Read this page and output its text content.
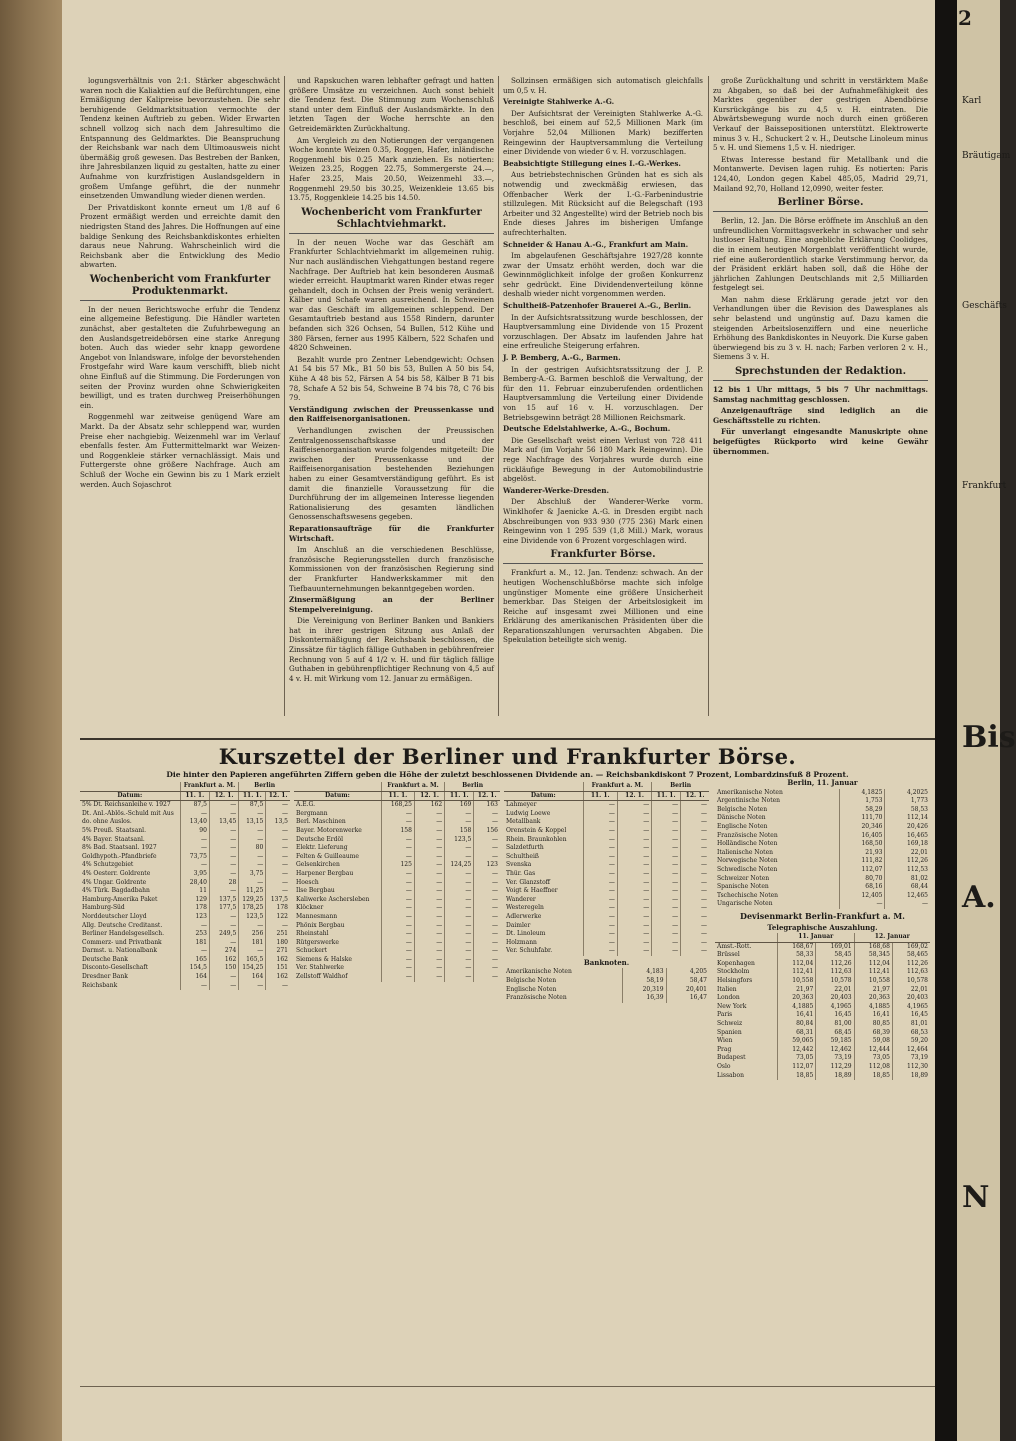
2
Karl
Bräutigam
Geschäfts
Frankfurt
Bis
A.
N

logungsverhältnis von 2:1. Stärker abgeschwächt waren noch die Kaliaktien auf die Befürchtungen, eine Ermäßigung der Kalipreise bevorzustehen. Die sehr beruhigende Geldmarktsituation vermochte der Tendenz keinen Auftrieb zu geben. Wider Erwarten schnell vollzog sich nach dem Jahresultimo die Entspannung des Geldmarktes. Die Beanspruchung der Reichsbank war nach dem Ultimoausweis nicht übermäßig groß gewesen. Das Bestreben der Banken, ihre Jahresbilanzen liquid zu gestalten, hatte zu einer Aufnahme von kurzfristigen Auslandsgeldern in großem Umfange geführt, die der nunmehr einsetzenden Umwandlung wieder dienen werden.

Der Privatdiskont konnte erneut um 1/8 auf 6 Prozent ermäßigt werden und erreichte damit den niedrigsten Stand des Jahres. Die Hoffnungen auf eine baldige Senkung des Reichsbankdiskontes erhielten daraus neue Nahrung. Wahrscheinlich wird die Reichsbank aber die Entwicklung des Medio abwarten.

Wochenbericht vom Frankfurter Produktenmarkt.

In der neuen Berichtswoche erfuhr die Tendenz eine allgemeine Befestigung. Die Händler warteten zunächst, aber gestalteten die Zufuhrbewegung an den Auslandsgetreidebörsen eine starke Anregung boten. Auch das wieder sehr knapp gewordene Angebot von Inlandsware, infolge der bevorstehenden Frostgefahr wird Ware kaum verschifft, blieb nicht ohne Einfluß auf die Stimmung. Die Forderungen von seiten der Provinz wurden ohne Schwierigkeiten bewilligt, und es traten durchweg Preiserhöhungen ein.

Roggenmehl war zeitweise genügend Ware am Markt. Da der Absatz sehr schleppend war, wurden Preise eher nachgiebig. Weizenmehl war im Verlauf ebenfalls fester. Am Futtermittelmarkt war Weizen- und Roggenkleie stärker vernachlässigt. Mais und Futtergerste ohne größere Nachfrage. Auch am Schluß der Woche ein Gewinn bis zu 1 Mark erzielt werden. Auch Sojaschrot

und Rapskuchen waren lebhafter gefragt und hatten größere Umsätze zu verzeichnen. Auch sonst behielt die Tendenz fest. Die Stimmung zum Wochenschluß stand unter dem Einfluß der Auslandsmärkte. In den letzten Tagen der Woche herrschte an den Getreidemärkten Zurückhaltung.

Am Vergleich zu den Notierungen der vergangenen Woche konnte Weizen 0.35, Roggen, Hafer, inländische Roggenmehl bis 0.25 Mark anziehen. Es notierten: Weizen 23.25, Roggen 22.75, Sommergerste 24.—, Hafer 23.25, Mais 20.50, Weizenmehl 33.—, Roggenmehl 29.50 bis 30.25, Weizenkleie 13.65 bis 13.75, Roggenkleie 14.25 bis 14.50.

Wochenbericht vom Frankfurter Schlachtviehmarkt.

In der neuen Woche war das Geschäft am Frankfurter Schlachtviehmarkt im allgemeinen ruhig. Nur nach ausländischen Viehgattungen bestand regere Nachfrage. Der Auftrieb hat kein besonderen Ausmaß wieder erreicht. Hauptmarkt waren Rinder etwas reger gehandelt, doch in Ochsen der Preis wenig verändert. Kälber und Schafe waren ausreichend. In Schweinen war das Geschäft im allgemeinen schleppend. Der Gesamtauftrieb bestand aus 1558 Rindern, darunter befanden sich 326 Ochsen, 54 Bullen, 512 Kühe und 380 Färsen, ferner aus 1995 Kälbern, 522 Schafen und 4820 Schweinen.

Bezahlt wurde pro Zentner Lebendgewicht: Ochsen A1 54 bis 57 Mk., B1 50 bis 53, Bullen A 50 bis 54, Kühe A 48 bis 52, Färsen A 54 bis 58, Kälber B 71 bis 78, Schafe A 52 bis 54, Schweine B 74 bis 78, C 76 bis 79.

Verständigung zwischen der Preussenkasse und den Raiffeisenorganisationen.

Verhandlungen zwischen der Preussischen Zentralgenossenschaftskasse und der Raiffeisenorganisation wurde folgendes mitgeteilt: Die zwischen der Preussenkasse und der Raiffeisenorganisation bestehenden Beziehungen haben zu einer Gesamtverständigung geführt. Es ist damit die finanzielle Voraussetzung für die Durchführung der im allgemeinen Interesse liegenden Rationalisierung des gesamten ländlichen Genossenschaftswesens gegeben.

Reparationsaufträge für die Frankfurter Wirtschaft.

Im Anschluß an die verschiedenen Beschlüsse, französische Regierungsstellen durch französische Kommissionen von der französischen Regierung sind der Frankfurter Handwerkskammer mit den Tiefbauunternehmungen bekanntgegeben worden.

Zinsermäßigung an der Berliner Stempelvereinigung.

Die Vereinigung von Berliner Banken und Bankiers hat in ihrer gestrigen Sitzung aus Anlaß der Diskontermäßigung der Reichsbank beschlossen, die Zinssätze für täglich fällige Guthaben in gebührenfreier Rechnung von 5 auf 4 1/2 v. H. und für täglich fällige Guthaben in gebührenpflichtiger Rechnung von 4,5 auf 4 v. H. mit Wirkung vom 12. Januar zu ermäßigen.

Sollzinsen ermäßigen sich automatisch gleichfalls um 0,5 v. H.

Vereinigte Stahlwerke A.-G.

Der Aufsichtsrat der Vereinigten Stahlwerke A.-G. beschloß, bei einem auf 52,5 Millionen Mark (im Vorjahre 52,04 Millionen Mark) bezifferten Reingewinn der Hauptversammlung die Verteilung einer Dividende von wieder 6 v. H. vorzuschlagen.

Beabsichtigte Stillegung eines I.-G.-Werkes.

Aus betriebstechnischen Gründen hat es sich als notwendig und zweckmäßig erwiesen, das Offenbacher Werk der I.-G.-Farbenindustrie stillzulegen. Mit Rücksicht auf die Belegschaft (193 Arbeiter und 32 Angestellte) wird der Betrieb noch bis Ende dieses Jahres im bisherigen Umfange aufrechterhalten.

Schneider & Hanau A.-G., Frankfurt am Main.

Im abgelaufenen Geschäftsjahre 1927/28 konnte zwar der Umsatz erhöht werden, doch war die Gewinnmöglichkeit infolge der großen Konkurrenz sehr gedrückt. Eine Dividendenverteilung könne deshalb wieder nicht vorgenommen werden.

Schultheiß-Patzenhofer Brauerei A.-G., Berlin.

In der Aufsichtsratssitzung wurde beschlossen, der Hauptversammlung eine Dividende von 15 Prozent vorzuschlagen. Der Absatz im laufenden Jahre hat eine erfreuliche Steigerung erfahren.

J. P. Bemberg, A.-G., Barmen.

In der gestrigen Aufsichtsratssitzung der J. P. Bemberg-A.-G. Barmen beschloß die Verwaltung, der für den 11. Februar einzuberufenden ordentlichen Hauptversammlung die Verteilung einer Dividende von 15 auf 16 v. H. vorzuschlagen. Der Betriebsgewinn beträgt 28 Millionen Reichsmark.

Deutsche Edelstahlwerke, A.-G., Bochum.

Die Gesellschaft weist einen Verlust von 728 411 Mark auf (im Vorjahr 56 180 Mark Reingewinn). Die rege Nachfrage des Vorjahres wurde durch eine rückläufige Bewegung in der Automobilindustrie abgelöst.

Wanderer-Werke-Dresden.

Der Abschluß der Wanderer-Werke vorm. Winklhofer & Jaenicke A.-G. in Dresden ergibt nach Abschreibungen von 933 930 (775 236) Mark einen Reingewinn von 1 295 539 (1,8 Mill.) Mark, woraus eine Dividende von 6 Prozent vorgeschlagen wird.

Frankfurter Börse.

Frankfurt a. M., 12. Jan. Tendenz: schwach. An der heutigen Wochenschlußbörse machte sich infolge ungünstiger Momente eine größere Unsicherheit bemerkbar. Das Steigen der Arbeitslosigkeit im Reiche auf insgesamt zwei Millionen und eine Erklärung des amerikanischen Präsidenten über die Reparationszahlungen verursachten Abgaben. Die Spekulation beteiligte sich wenig.

große Zurückhaltung und schritt in verstärktem Maße zu Abgaben, so daß bei der Aufnahmefähigkeit des Marktes gegenüber der gestrigen Abendbörse Kursrückgänge bis zu 4,5 v. H. eintraten. Die Abwärtsbewegung wurde noch durch einen größeren Verkauf der Baissepositionen unterstützt. Elektrowerte minus 3 v. H., Schuckert 2 v. H., Deutsche Linoleum minus 5 v. H. und Siemens 1,5 v. H. niedriger.

Etwas Interesse bestand für Metallbank und die Montanwerte. Devisen lagen ruhig. Es notierten: Paris 124,40, London gegen Kabel 485,05, Madrid 29,71, Mailand 92,70, Holland 12,0990, weiter fester.

Berliner Börse.

Berlin, 12. Jan. Die Börse eröffnete im Anschluß an den unfreundlichen Vormittagsverkehr in schwacher und sehr lustloser Haltung. Eine angebliche Erklärung Coolidges, die in einem heutigen Morgenblatt veröffentlicht wurde, rief eine außerordentlich starke Verstimmung hervor, da der Präsident erklärt haben soll, daß die Höhe der jährlichen Zahlungen Deutschlands mit 2,5 Milliarden festgelegt sei.

Man nahm diese Erklärung gerade jetzt vor den Verhandlungen über die Revision des Dawesplanes als sehr belastend und ungünstig auf. Dazu kamen die steigenden Arbeitslosenziffern und eine neuerliche Erhöhung des Bankdiskontes in Neuyork. Die Kurse gaben überwiegend bis zu 3 v. H. nach; Farben verloren 2 v. H., Siemens 3 v. H.

Sprechstunden der Redaktion.

12 bis 1 Uhr mittags, 5 bis 7 Uhr nachmittags. Samstag nachmittag geschlossen.

Anzeigenaufträge sind lediglich an die Geschäftsstelle zu richten.

Für unverlangt eingesandte Manuskripte ohne beigefügtes Rückporto wird keine Gewähr übernommen.

Kurszettel der Berliner und Frankfurter Börse.
Die hinter den Papieren angeführten Ziffern geben die Höhe der zuletzt beschlossenen Dividende an. — Reichsbankdiskont 7 Prozent, Lombardzinsfuß 8 Prozent.
	Frankfurt a. M.		Berlin	
Datum:	11. 1.	12. 1.	11. 1.	12. 1.
5% Dt. Reichsanleihe v. 1927	87,5	—	87,5	—
Dt. Anl.-Ablös.-Schuld mit Aus	—	—	—	—
do. ohne Auslos.	13,40	13,45	13,15	13,5
5% Preuß. Staatsanl.	90	—	—	—
4% Bayer. Staatsanl.	—	—	—	—
8% Bad. Staatsanl. 1927	—	—	80	—
Goldhypoth.-Pfandbriefe	73,75	—	—	—
4% Schutzgebiet	—	—	—	—
4% Oesterr. Goldrente	3,95	—	3,75	—
4% Ungar. Goldrente	28,40	28	—	—
4% Türk. Bagdadbahn	11	—	11,25	—
Hamburg-Amerika Paket	129	137,5	129,25	137,5
Hamburg-Süd	178	177,5	178,25	178
Norddeutscher Lloyd	123	—	123,5	122
Allg. Deutsche Creditanst.	—	—	—	—
Berliner Handelsgesellsch.	253	249,5	256	251
Commerz- und Privatbank	181	—	181	180
Darmst. u. Nationalbank	—	274	—	271
Deutsche Bank	165	162	165,5	162
Disconto-Gesellschaft	154,5	150	154,25	151
Dresdner Bank	164	—	164	162
Reichsbank	—	—	—	—
	Frankfurt a. M.		Berlin	
Datum:	11. 1.	12. 1.	11. 1.	12. 1.
A.E.G.	168,25	162	169	163
Bergmann	—	—	—	—
Berl. Maschinen	—	—	—	—
Bayer. Motorenwerke	158	—	158	156
Deutsche Erdöl	—	—	123,5	—
Elektr. Lieferung	—	—	—	—
Felten & Guilleaume	—	—	—	—
Gelsenkirchen	125	—	124,25	123
Harpener Bergbau	—	—	—	—
Hoesch	—	—	—	—
Ilse Bergbau	—	—	—	—
Kaliwerke Aschersleben	—	—	—	—
Klöckner	—	—	—	—
Mannesmann	—	—	—	—
Phönix Bergbau	—	—	—	—
Rheinstahl	—	—	—	—
Rütgerswerke	—	—	—	—
Schuckert	—	—	—	—
Siemens & Halske	—	—	—	—
Ver. Stahlwerke	—	—	—	—
Zellstoff Waldhof	—	—	—	—
	Frankfurt a. M.		Berlin	
Datum:	11. 1.	12. 1.	11. 1.	12. 1.
Lahmeyer	—	—	—	—
Ludwig Loewe	—	—	—	—
Metallbank	—	—	—	—
Orenstein & Koppel	—	—	—	—
Rhein. Braunkohlen	—	—	—	—
Salzdetfurth	—	—	—	—
Schultheiß	—	—	—	—
Svenska	—	—	—	—
Thür. Gas	—	—	—	—
Ver. Glanzstoff	—	—	—	—
Voigt & Haeffner	—	—	—	—
Wanderer	—	—	—	—
Westeregeln	—	—	—	—
Adlerwerke	—	—	—	—
Daimler	—	—	—	—
Dt. Linoleum	—	—	—	—
Holzmann	—	—	—	—
Ver. Schuhfabr.	—	—	—	—
Banknoten.
Amerikanische Noten	4,183	4,205
Belgische Noten	58,19	58,47
Englische Noten	20,319	20,401
Französische Noten	16,39	16,47
Berlin, 11. Januar
Amerikanische Noten	4,1825	4,2025
Argentinische Noten	1,753	1,773
Belgische Noten	58,29	58,53
Dänische Noten	111,70	112,14
Englische Noten	20,346	20,426
Französische Noten	16,405	16,465
Holländische Noten	168,50	169,18
Italienische Noten	21,93	22,01
Norwegische Noten	111,82	112,26
Schwedische Noten	112,07	112,53
Schweizer Noten	80,70	81,02
Spanische Noten	68,16	68,44
Tschechische Noten	12,405	12,465
Ungarische Noten	—	—
Devisenmarkt Berlin-Frankfurt a. M.
Telegraphische Auszahlung.
	11. Januar		12. Januar	
Amst.-Rott.	168,67	169,01	168,68	169,02
Brüssel	58,33	58,45	58,345	58,465
Kopenhagen	112,04	112,26	112,04	112,26
Stockholm	112,41	112,63	112,41	112,63
Helsingfors	10,558	10,578	10,558	10,578
Italien	21,97	22,01	21,97	22,01
London	20,363	20,403	20,363	20,403
New York	4,1885	4,1965	4,1885	4,1965
Paris	16,41	16,45	16,41	16,45
Schweiz	80,84	81,00	80,85	81,01
Spanien	68,31	68,45	68,39	68,53
Wien	59,065	59,185	59,08	59,20
Prag	12,442	12,462	12,444	12,464
Budapest	73,05	73,19	73,05	73,19
Oslo	112,07	112,29	112,08	112,30
Lissabon	18,85	18,89	18,85	18,89
